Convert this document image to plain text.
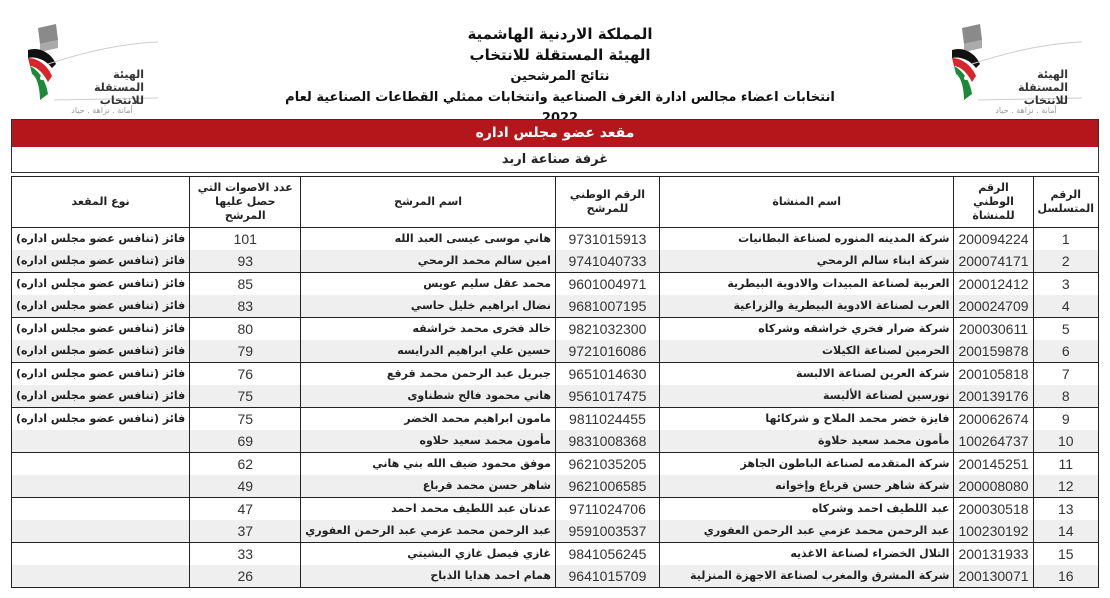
الهيئة المستقلة
للانتخاب
أمانة . نزاهة . حياد
المملكة الاردنية الهاشمية
الهيئة المستقلة للانتخاب
نتائج المرشحين
انتخابات اعضاء مجالس ادارة الغرف الصناعية وانتخابات ممثلي القطاعات الصناعية لعام
الهيئة المستقلة
للانتخاب
أمانة . نزاهة . حياد
مقعد عضو مجلس اداره
غرفة صناعة اربد
الرقم المتسلسل	الرقم الوطني للمنشاة	اسم المنشاة	الرقم الوطني للمرشح	اسم المرشح	عدد الاصوات التي حصل عليها المرشح	نوع المقعد
1	200094224	شركة المدينه المنوره لصناعة البطانيات	9731015913	هاني موسى عيسى العبد الله	101	فائز (تنافس عضو مجلس اداره)
2	200074171	شركة ابناء سالم الرمحي	9741040733	امين سالم محمد الرمحي	93	فائز (تنافس عضو مجلس اداره)
3	200012412	العربية لصناعة المبيدات والادوية البيطرية	9601004971	محمد عقل سليم عويس	85	فائز (تنافس عضو مجلس اداره)
4	200024709	العرب لصناعة الادوية البيطرية والزراعية	9681007195	نضال ابراهيم خليل حاسي	83	فائز (تنافس عضو مجلس اداره)
5	200030611	شركة ضرار فخري خراشقه وشركاه	9821032300	خالد فخرى محمد خراشقه	80	فائز (تنافس عضو مجلس اداره)
6	200159878	الحرمين لصناعة الكيلات	9721016086	حسين علي ابراهيم الدرايسه	79	فائز (تنافس عضو مجلس اداره)
7	200105818	شركة العرين لصناعة الالبسة	9651014630	جبريل عبد الرحمن محمد قرقع	76	فائز (تنافس عضو مجلس اداره)
8	200139176	نورسين لصناعة الألبسة	9561017475	هاني محمود فالح شطناوى	75	فائز (تنافس عضو مجلس اداره)
9	200062674	فايزة خضر محمد الملاح و شركائها	9811024455	مامون ابراهيم محمد الخضر	75	فائز (تنافس عضو مجلس اداره)
10	100264737	مأمون محمد سعيد حلاوة	9831008368	مأمون محمد سعيد حلاوه	69	
11	200145251	شركة المتقدمه لصناعة الباطون الجاهز	9621035205	موفق محمود ضيف الله بني هاني	62	
12	200008080	شركة شاهر حسن قرباع وإخوانه	9621006585	شاهر حسن محمد قرباع	49	
13	200030518	عبد اللطيف احمد وشركاه	9711024706	عدنان عبد اللطيف محمد احمد	47	
14	100230192	عبد الرحمن محمد عزمي عبد الرحمن العفوري	9591003537	عبد الرحمن محمد عزمي عبد الرحمن العفوري	37	
15	200131933	التلال الخضراء لصناعة الاغذيه	9841056245	غازي فيصل غازي البشيتي	33	
16	200130071	شركة المشرق والمغرب لصناعة الاجهزة المنزلية	9641015709	همام احمد هدايا الذباح	26	
